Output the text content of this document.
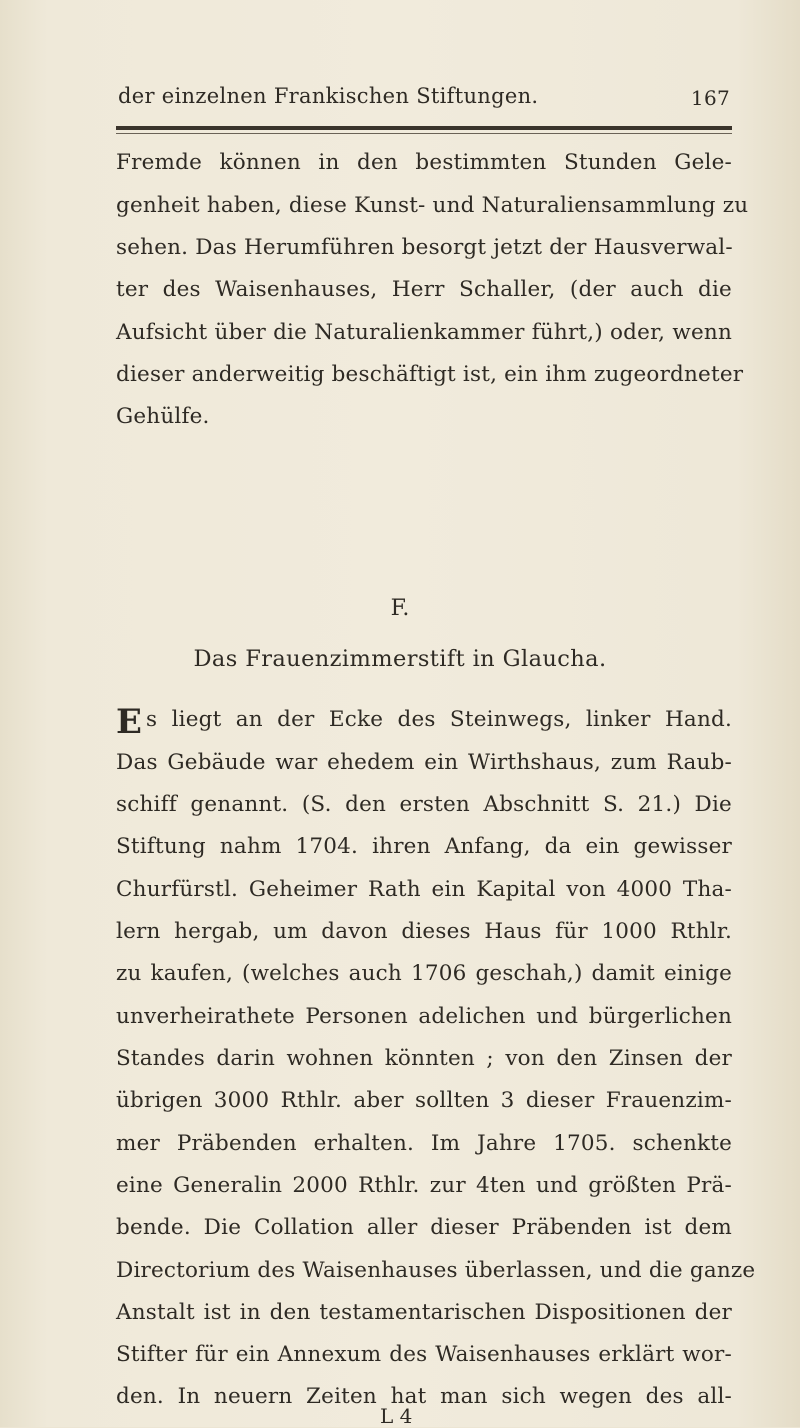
der einzelnen Frankischen Stiftungen.	167
Fremde können in den bestimmten Stunden Gele-
genheit haben, diese Kunst- und Naturaliensammlung zu
sehen. Das Herumführen besorgt jetzt der Hausverwal-
ter des Waisenhauses, Herr Schaller, (der auch die
Aufsicht über die Naturalienkammer führt,) oder, wenn
dieser anderweitig beschäftigt ist, ein ihm zugeordneter
Gehülfe.
F.
Das Frauenzimmerstift in Glaucha.
E s liegt an der Ecke des Steinwegs, linker Hand.
Das Gebäude war ehedem ein Wirthshaus, zum Raub-
schiff genannt. (S. den ersten Abschnitt S. 21.) Die
Stiftung nahm 1704. ihren Anfang, da ein gewisser
Churfürstl. Geheimer Rath ein Kapital von 4000 Tha-
lern hergab, um davon dieses Haus für 1000 Rthlr.
zu kaufen, (welches auch 1706 geschah,) damit einige
unverheirathete Personen adelichen und bürgerlichen
Standes darin wohnen könnten ; von den Zinsen der
übrigen 3000 Rthlr. aber sollten 3 dieser Frauenzim-
mer Präbenden erhalten. Im Jahre 1705. schenkte
eine Generalin 2000 Rthlr. zur 4ten und größten Prä-
bende. Die Collation aller dieser Präbenden ist dem
Directorium des Waisenhauses überlassen, und die ganze
Anstalt ist in den testamentarischen Dispositionen der
Stifter für ein Annexum des Waisenhauses erklärt wor-
den. In neuern Zeiten hat man sich wegen des all-
L 4
